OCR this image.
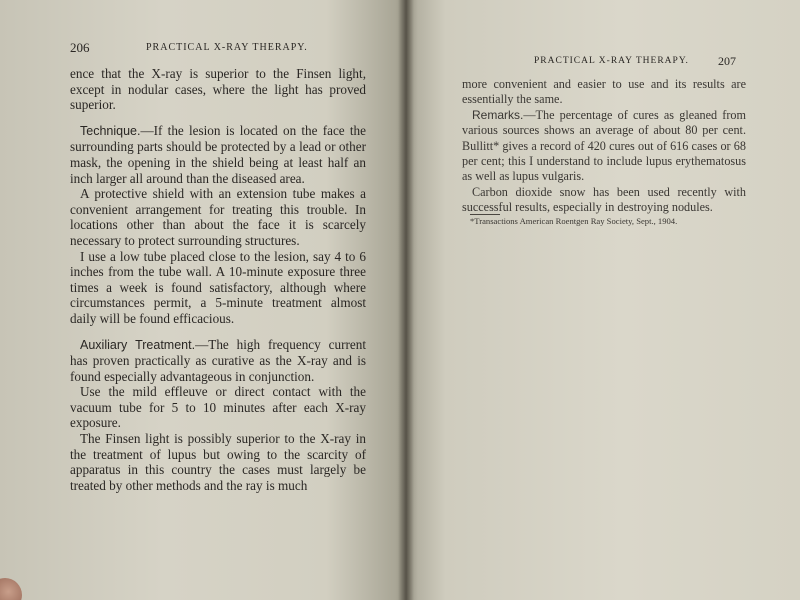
206	PRACTICAL X-RAY THERAPY.

ence that the X-ray is superior to the Finsen light, except in nodular cases, where the light has proved superior.

Technique.—If the lesion is located on the face the surrounding parts should be protected by a lead or other mask, the opening in the shield being at least half an inch larger all around than the diseased area.

A protective shield with an extension tube makes a convenient arrangement for treating this trouble. In locations other than about the face it is scarcely necessary to protect surrounding structures.

I use a low tube placed close to the lesion, say 4 to 6 inches from the tube wall. A 10-minute exposure three times a week is found satisfactory, although where circumstances permit, a 5-minute treatment almost daily will be found efficacious.

Auxiliary Treatment.—The high frequency current has proven practically as curative as the X-ray and is found especially advantageous in conjunction.

Use the mild effleuve or direct contact with the vacuum tube for 5 to 10 minutes after each X-ray exposure.

The Finsen light is possibly superior to the X-ray in the treatment of lupus but owing to the scarcity of apparatus in this country the cases must largely be treated by other methods and the ray is much

PRACTICAL X-RAY THERAPY. 207

more convenient and easier to use and its results are essentially the same.

Remarks.—The percentage of cures as gleaned from various sources shows an average of about 80 per cent. Bullitt* gives a record of 420 cures out of 616 cases or 68 per cent; this I understand to include lupus erythematosus as well as lupus vulgaris.

Carbon dioxide snow has been used recently with successful results, especially in destroying nodules.

*Transactions American Roentgen Ray Society, Sept., 1904.
